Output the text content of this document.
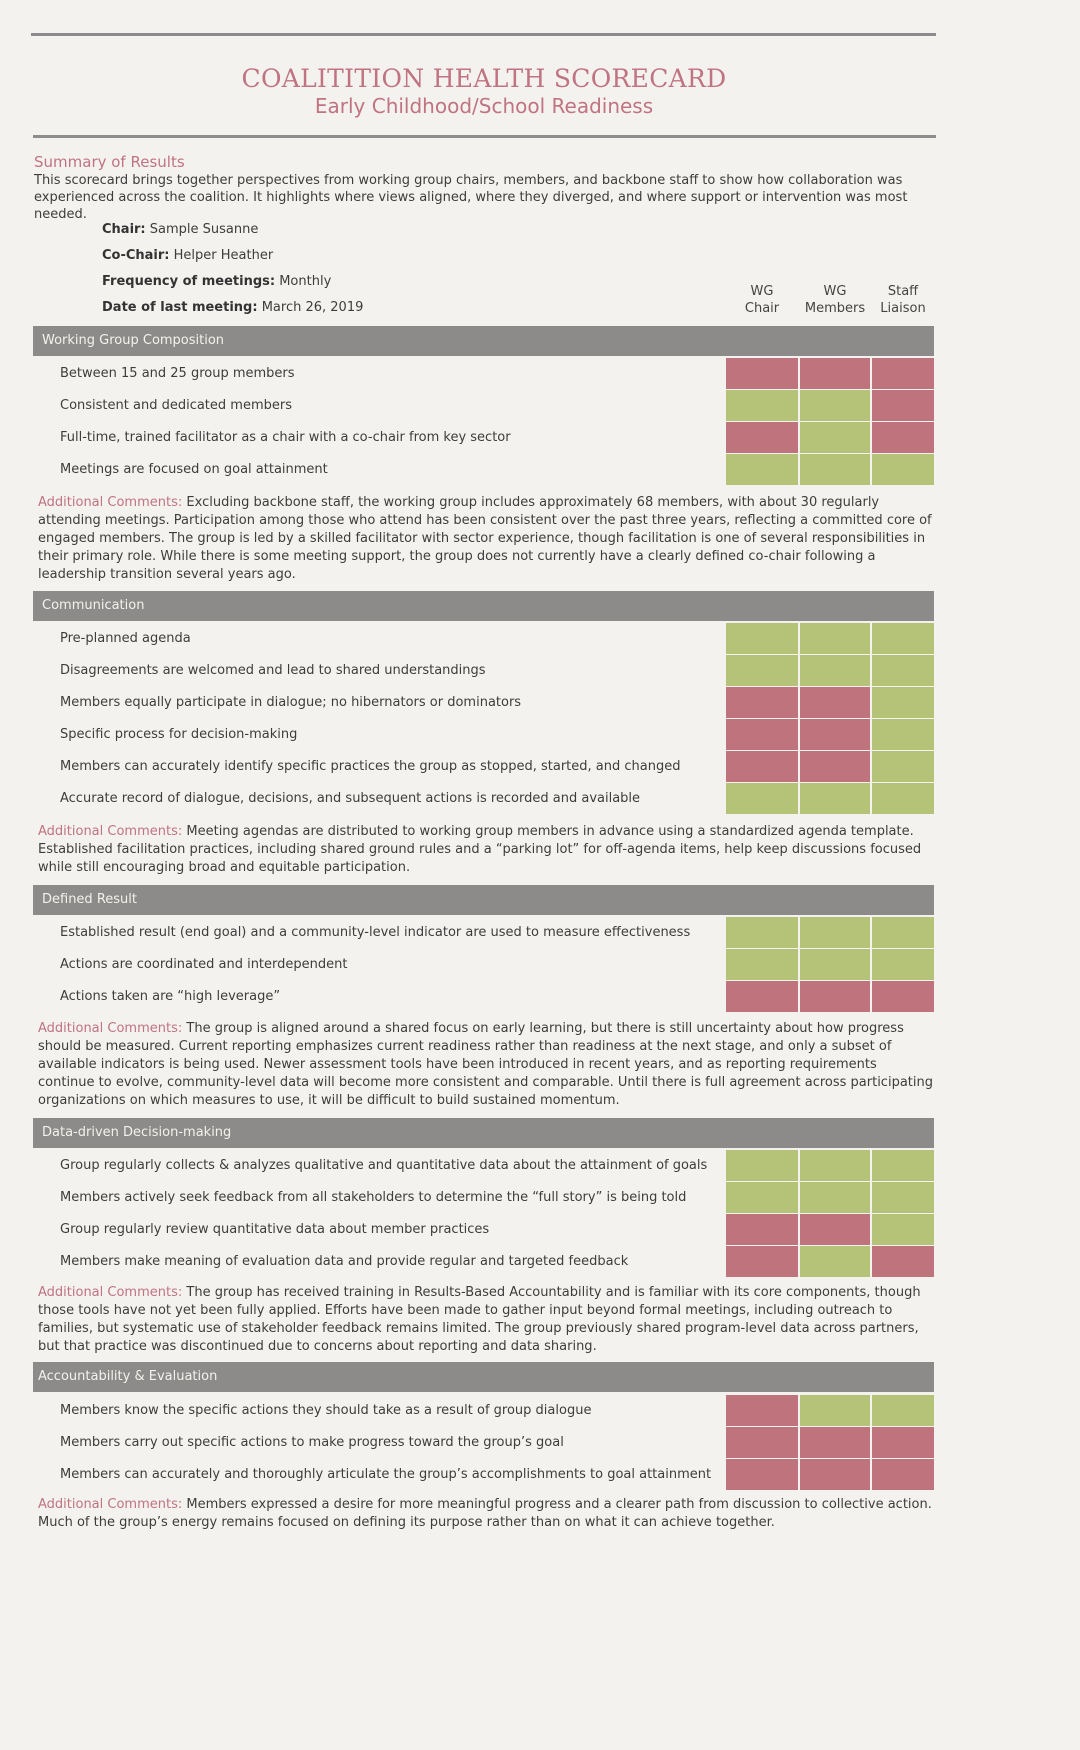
COALITITION HEALTH SCORECARD
Early Childhood/School Readiness
Summary of Results
This scorecard brings together perspectives from working group chairs, members, and backbone staff to show how collaboration was experienced across the coalition. It highlights where views aligned, where they diverged, and where support or intervention was most needed.
Chair: Sample Susanne
Co-Chair: Helper Heather
Frequency of meetings: Monthly
Date of last meeting: March 26, 2019
WG
Chair
WG
Members
Staff
Liaison
Working Group Composition
Between 15 and 25 group members
Consistent and dedicated members
Full-time, trained facilitator as a chair with a co-chair from key sector
Meetings are focused on goal attainment
Additional Comments: Excluding backbone staff, the working group includes approximately 68 members, with about 30 regularly attending meetings. Participation among those who attend has been consistent over the past three years, reflecting a committed core of engaged members. The group is led by a skilled facilitator with sector experience, though facilitation is one of several responsibilities in their primary role. While there is some meeting support, the group does not currently have a clearly defined co-chair following a leadership transition several years ago.
Communication
Pre-planned agenda
Disagreements are welcomed and lead to shared understandings
Members equally participate in dialogue; no hibernators or dominators
Specific process for decision-making
Members can accurately identify specific practices the group as stopped, started, and changed
Accurate record of dialogue, decisions, and subsequent actions is recorded and available
Additional Comments: Meeting agendas are distributed to working group members in advance using a standardized agenda template. Established facilitation practices, including shared ground rules and a “parking lot” for off-agenda items, help keep discussions focused while still encouraging broad and equitable participation.
Defined Result
Established result (end goal) and a community-level indicator are used to measure effectiveness
Actions are coordinated and interdependent
Actions taken are “high leverage”
Additional Comments: The group is aligned around a shared focus on early learning, but there is still uncertainty about how progress should be measured. Current reporting emphasizes current readiness rather than readiness at the next stage, and only a subset of available indicators is being used. Newer assessment tools have been introduced in recent years, and as reporting requirements continue to evolve, community-level data will become more consistent and comparable. Until there is full agreement across participating organizations on which measures to use, it will be difficult to build sustained momentum.
Data-driven Decision-making
Group regularly collects & analyzes qualitative and quantitative data about the attainment of goals
Members actively seek feedback from all stakeholders to determine the “full story” is being told
Group regularly review quantitative data about member practices
Members make meaning of evaluation data and provide regular and targeted feedback
Additional Comments: The group has received training in Results-Based Accountability and is familiar with its core components, though those tools have not yet been fully applied. Efforts have been made to gather input beyond formal meetings, including outreach to families, but systematic use of stakeholder feedback remains limited. The group previously shared program-level data across partners, but that practice was discontinued due to concerns about reporting and data sharing.
Accountability & Evaluation
Members know the specific actions they should take as a result of group dialogue
Members carry out specific actions to make progress toward the group’s goal
Members can accurately and thoroughly articulate the group’s accomplishments to goal attainment
Additional Comments: Members expressed a desire for more meaningful progress and a clearer path from discussion to collective action. Much of the group’s energy remains focused on defining its purpose rather than on what it can achieve together.
